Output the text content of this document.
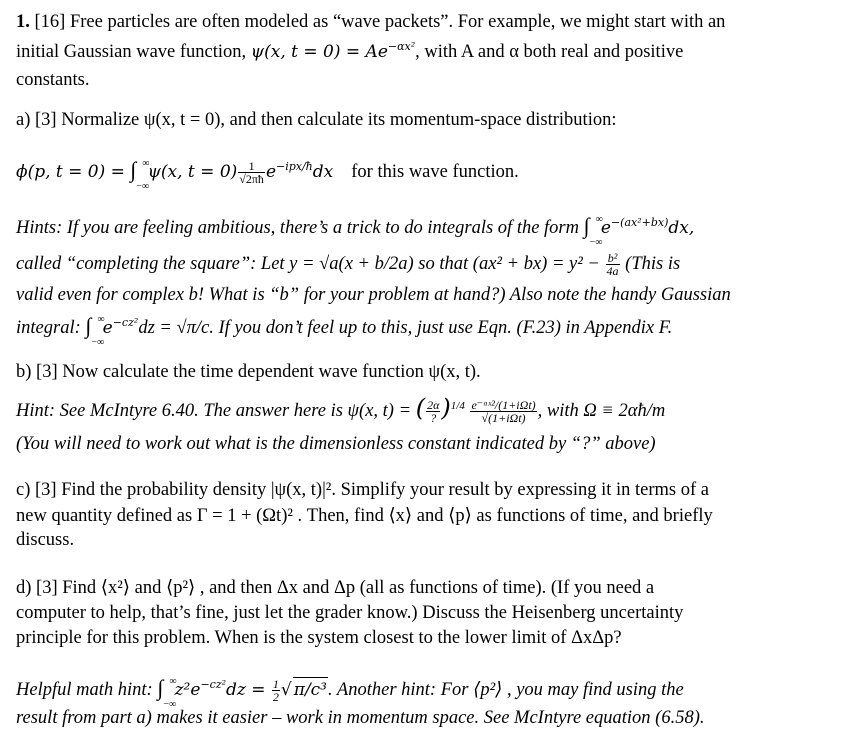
1. [16] Free particles are often modeled as “wave packets”. For example, we might start with an
initial Gaussian wave function, ψ(x, $t = 0) = Ae^{-\alpha x^2}$, with A and α both real and positive
constants.
a) [3] Normalize ψ(x, t = 0), and then calculate its momentum-space distribution:
ϕ(p, t = 0) = ∫ ∞
−∞
ψ(x, $t = 0) \frac{1}{√2\pi ħ} e^{-ipx/ħ}dx$ for this wave function.
Hints: If you are feeling ambitious, there’s a trick to do integrals of the form ∫ ∞
−∞
$e^{-(ax^2+bx)}dx$,
called “completing the square”: Let y = √a(x + b/2a) so that $(ax^2 + bx) = y^2 - \frac{\text{b²}}{4a}$ (This is
valid even for complex b! What is “b” for your problem at hand?) Also note the handy Gaussian
integral: ∫ ∞
−∞
$e^{-cz^2}dz = √\pi/c$. If you don’t feel up to this, just use Eqn. (F.23) in Appendix F.
b) [3] Now calculate the time dependent wave function ψ(x, t).
Hint: See McIntyre 6.40. The answer here is ψ(x, t) = ( $\frac{2\alpha}{?} )^{1/4} \frac{\text{e⁻ᵅˣ²/(1+iΩt)}}{\text{√(1+iΩt)}}$ , with Ω ≡ 2αħ/m
(You will need to work out what is the dimensionless constant indicated by “?” above)
c) [3] Find the probability density |ψ(x, t)|². Simplify your result by expressing it in terms of a
new quantity defined as Γ = 1 + (Ωt)² . Then, find ⟨x⟩ and ⟨p⟩ as functions of time, and briefly
discuss.
d) [3] Find ⟨x²⟩ and ⟨p²⟩ , and then Δx and Δp (all as functions of time). (If you need a
computer to help, that’s fine, just let the grader know.) Discuss the Heisenberg uncertainty
principle for this problem. When is the system closest to the lower limit of ΔxΔp?
Helpful math hint: ∫ ∞
−∞
$z^2e^{-cz^2}dz = \frac{1}{2}$ √ π/c³. Another hint: For ⟨p²⟩ , you may find using the
result from part a) makes it easier – work in momentum space. See McIntyre equation (6.58).
